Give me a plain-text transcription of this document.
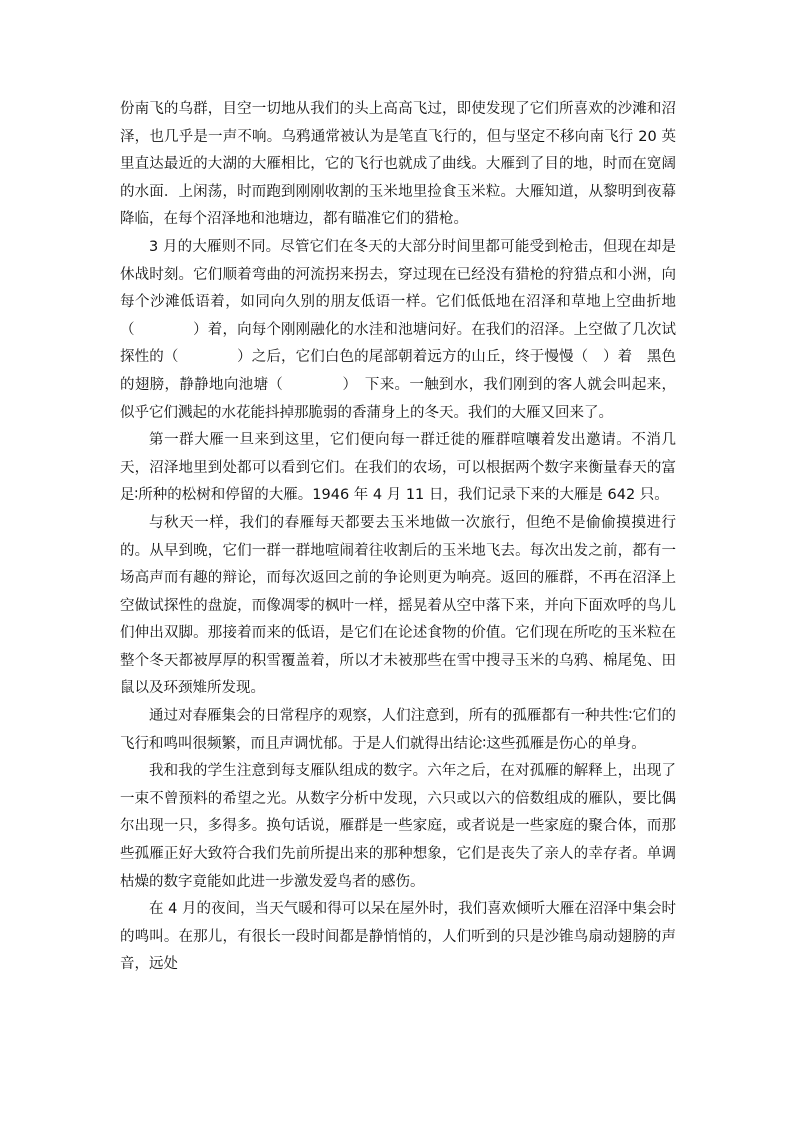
份南飞的乌群，目空一切地从我们的头上高高飞过，即使发现了它们所喜欢的沙滩和沼泽，也几乎是一声不响。乌鸦通常被认为是笔直飞行的，但与坚定不移向南飞行 20 英里直达最近的大湖的大雁相比，它的飞行也就成了曲线。大雁到了目的地，时而在宽阔的水面．上闲荡，时而跑到刚刚收割的玉米地里捡食玉米粒。大雁知道，从黎明到夜幕降临，在每个沼泽地和池塘边，都有瞄准它们的猎枪。

3 月的大雁则不同。尽管它们在冬天的大部分时间里都可能受到枪击，但现在却是休战时刻。它们顺着弯曲的河流拐来拐去，穿过现在已经没有猎枪的狩猎点和小洲，向每个沙滩低语着，如同向久别的朋友低语一样。它们低低地在沼泽和草地上空曲折地（　　　　）着，向每个刚刚融化的水洼和池塘问好。在我们的沼泽。上空做了几次试探性的（　　　　）之后，它们白色的尾部朝着远方的山丘，终于慢慢（　）着　黑色的翅膀，静静地向池塘（　　　　）　下来。一触到水，我们刚到的客人就会叫起来，似乎它们溅起的水花能抖掉那脆弱的香蒲身上的冬天。我们的大雁又回来了。

第一群大雁一旦来到这里，它们便向每一群迁徙的雁群喧嚷着发出邀请。不消几天，沼泽地里到处都可以看到它们。在我们的农场，可以根据两个数字来衡量春天的富足∶所种的松树和停留的大雁。1946 年 4 月 11 日，我们记录下来的大雁是 642 只。

与秋天一样，我们的春雁每天都要去玉米地做一次旅行，但绝不是偷偷摸摸进行的。从早到晚，它们一群一群地喧闹着往收割后的玉米地飞去。每次出发之前，都有一场高声而有趣的辩论，而每次返回之前的争论则更为响亮。返回的雁群，不再在沼泽上空做试探性的盘旋，而像凋零的枫叶一样，摇晃着从空中落下来，并向下面欢呼的鸟儿们伸出双脚。那接着而来的低语，是它们在论述食物的价值。它们现在所吃的玉米粒在整个冬天都被厚厚的积雪覆盖着，所以才未被那些在雪中搜寻玉米的乌鸦、棉尾兔、田鼠以及环颈雉所发现。

通过对春雁集会的日常程序的观察，人们注意到，所有的孤雁都有一种共性∶它们的飞行和鸣叫很频繁，而且声调忧郁。于是人们就得出结论∶这些孤雁是伤心的单身。

我和我的学生注意到每支雁队组成的数字。六年之后，在对孤雁的解释上，出现了一束不曾预料的希望之光。从数字分析中发现，六只或以六的倍数组成的雁队，要比偶尔出现一只，多得多。换句话说，雁群是一些家庭，或者说是一些家庭的聚合体，而那些孤雁正好大致符合我们先前所提出来的那种想象，它们是丧失了亲人的幸存者。单调枯燥的数字竟能如此进一步激发爱鸟者的感伤。

在 4 月的夜间，当天气暖和得可以呆在屋外时，我们喜欢倾听大雁在沼泽中集会时的鸣叫。在那儿，有很长一段时间都是静悄悄的，人们听到的只是沙锥鸟扇动翅膀的声音，远处
